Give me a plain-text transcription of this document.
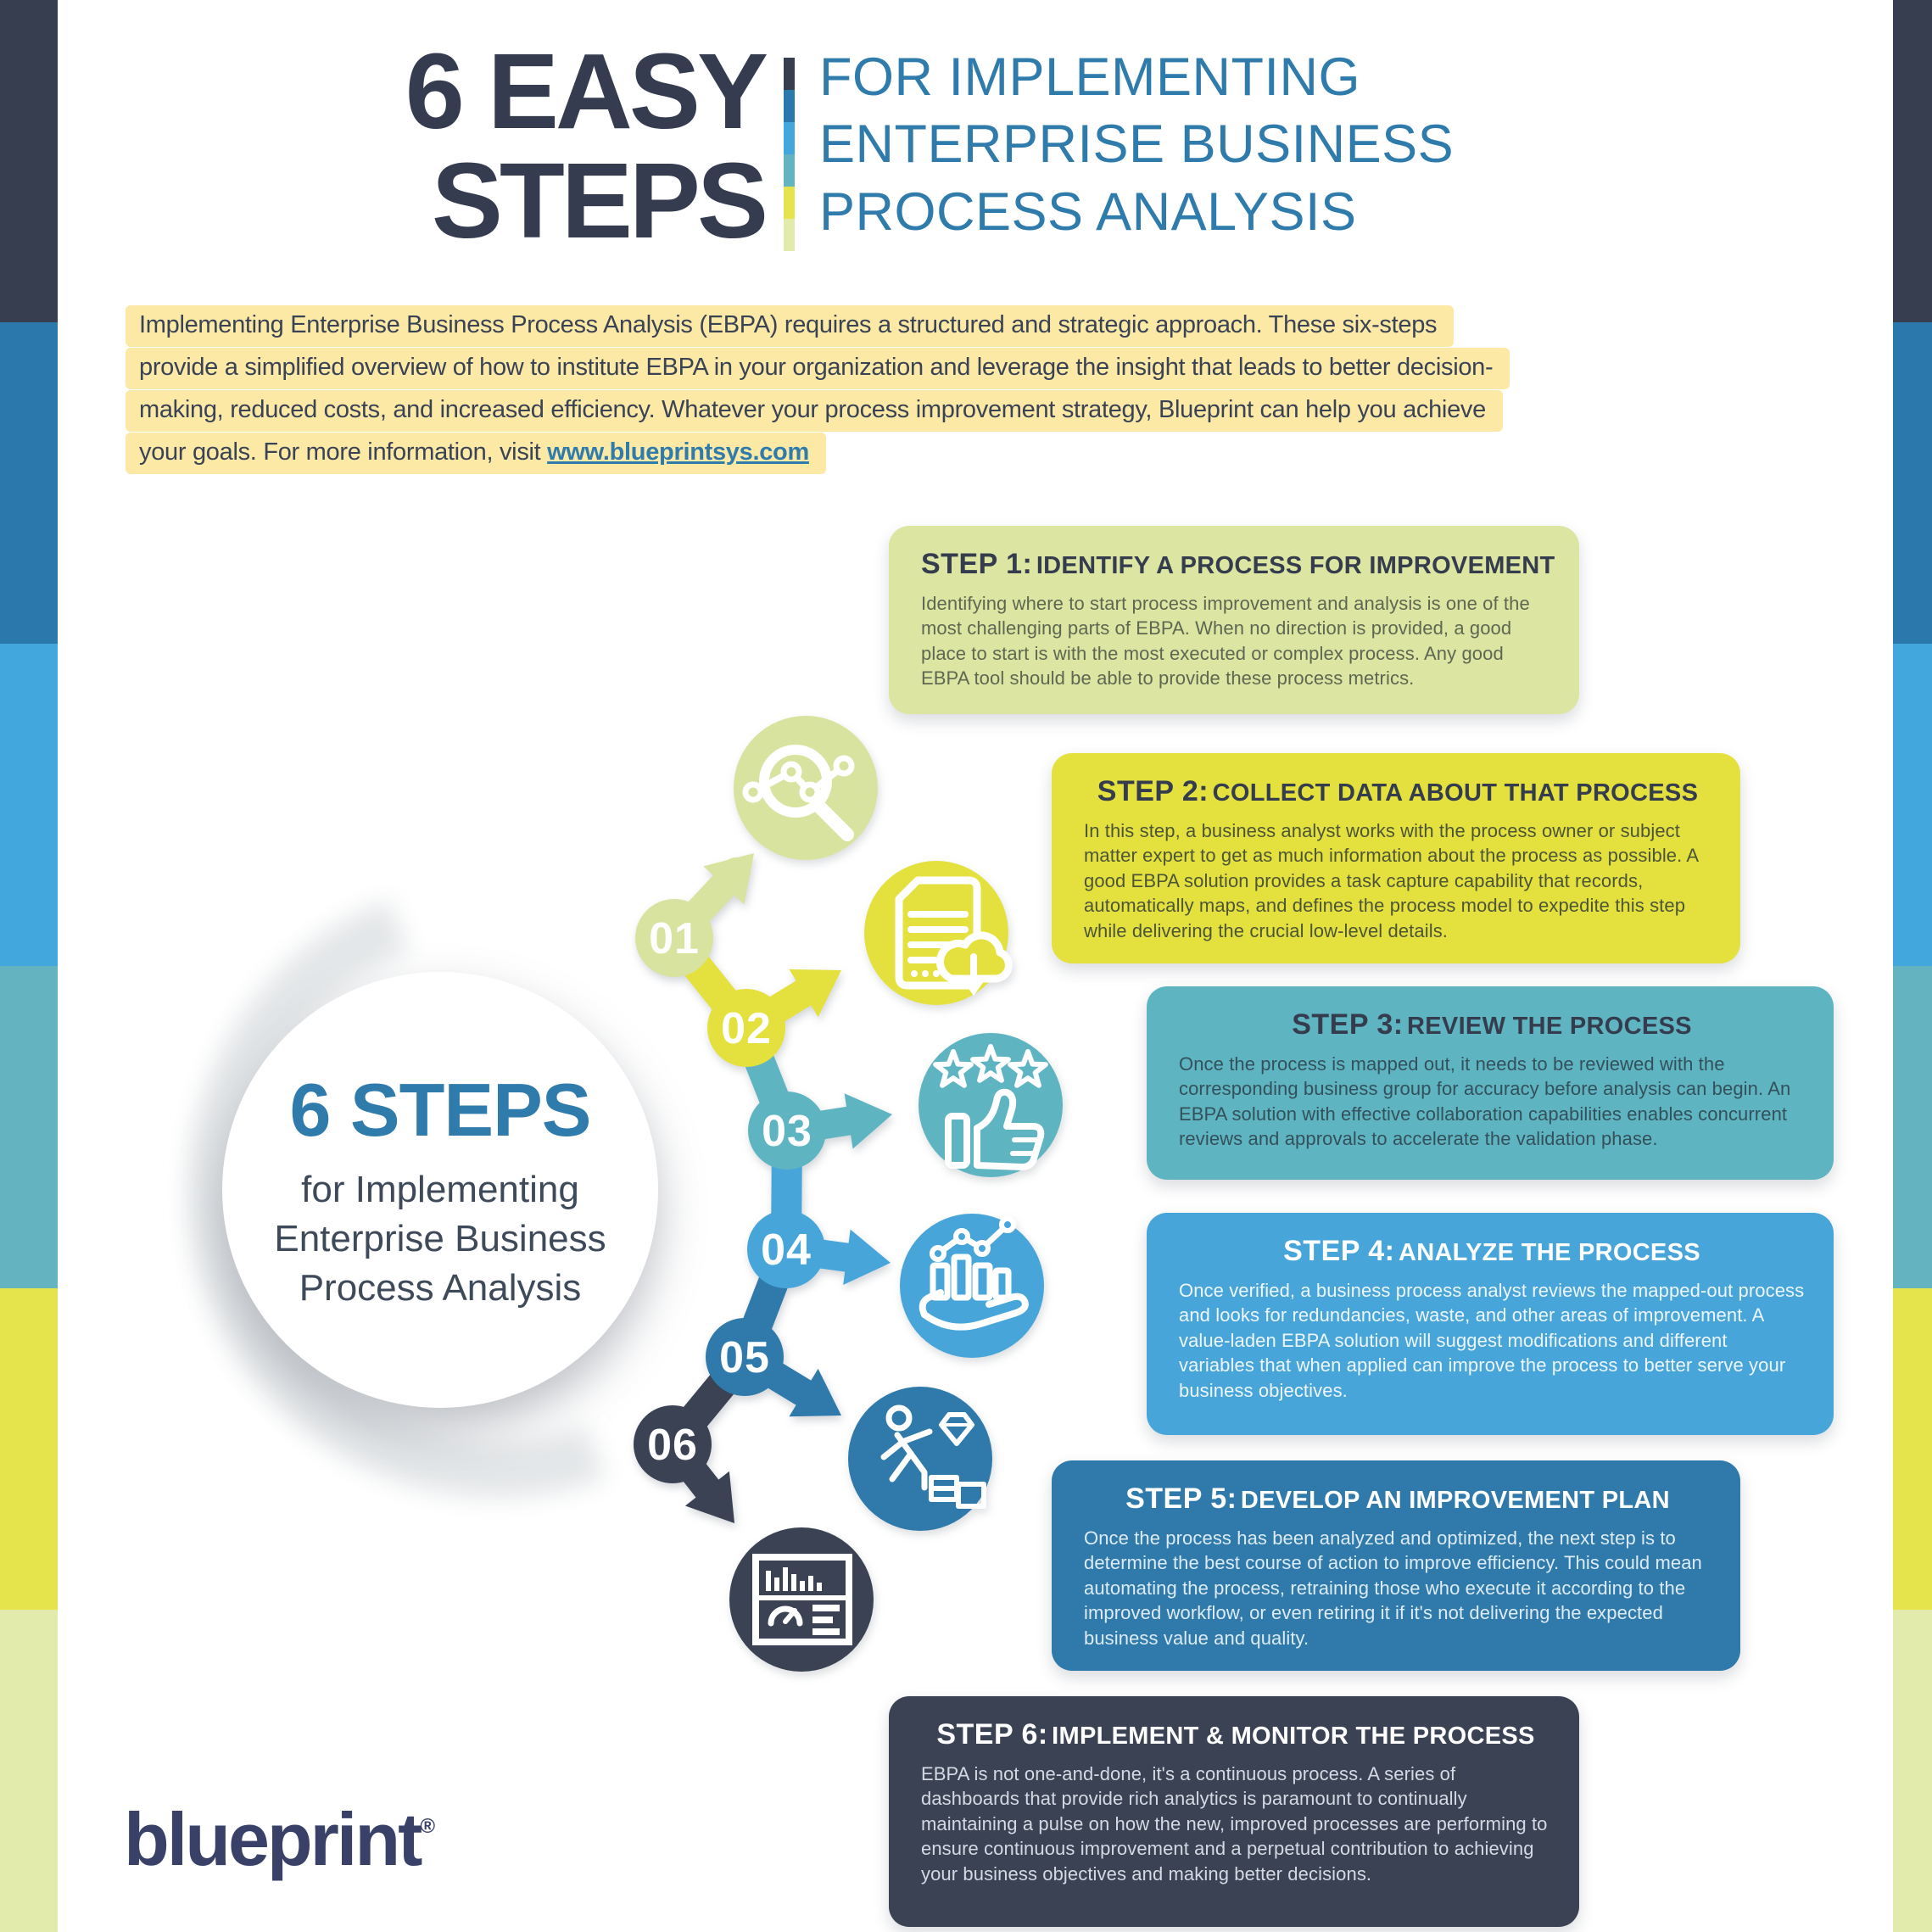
6 EASY
STEPS
FOR IMPLEMENTING
ENTERPRISE BUSINESS
PROCESS ANALYSIS
Implementing Enterprise Business Process Analysis (EBPA) requires a structured and strategic approach. These six-steps
provide a simplified overview of how to institute EBPA in your organization and leverage the insight that leads to better decision-
making, reduced costs, and increased efficiency. Whatever your process improvement strategy, Blueprint can help you achieve
your goals. For more information, visit www.blueprintsys.com
01
02
03
04
05
06
6 STEPS
for Implementing
Enterprise Business
Process Analysis
STEP 1: IDENTIFY A PROCESS FOR IMPROVEMENT
Identifying where to start process improvement and analysis is one of the most challenging parts of EBPA. When no direction is provided, a good place to start is with the most executed or complex process. Any good EBPA tool should be able to provide these process metrics.
STEP 2: COLLECT DATA ABOUT THAT PROCESS
In this step, a business analyst works with the process owner or subject matter expert to get as much information about the process as possible. A good EBPA solution provides a task capture capability that records, automatically maps, and defines the process model to expedite this step while delivering the crucial low-level details.
STEP 3: REVIEW THE PROCESS
Once the process is mapped out, it needs to be reviewed with the corresponding business group for accuracy before analysis can begin. An EBPA solution with effective collaboration capabilities enables concurrent reviews and approvals to accelerate the validation phase.
STEP 4: ANALYZE THE PROCESS
Once verified, a business process analyst reviews the mapped-out process and looks for redundancies, waste, and other areas of improvement. A value-laden EBPA solution will suggest modifications and different variables that when applied can improve the process to better serve your business objectives.
STEP 5: DEVELOP AN IMPROVEMENT PLAN
Once the process has been analyzed and optimized, the next step is to determine the best course of action to improve efficiency. This could mean automating the process, retraining those who execute it according to the improved workflow, or even retiring it if it's not delivering the expected business value and quality.
STEP 6: IMPLEMENT & MONITOR THE PROCESS
EBPA is not one-and-done, it's a continuous process. A series of dashboards that provide rich analytics is paramount to continually maintaining a pulse on how the new, improved processes are performing to ensure continuous improvement and a perpetual contribution to achieving your business objectives and making better decisions.
blueprint®
